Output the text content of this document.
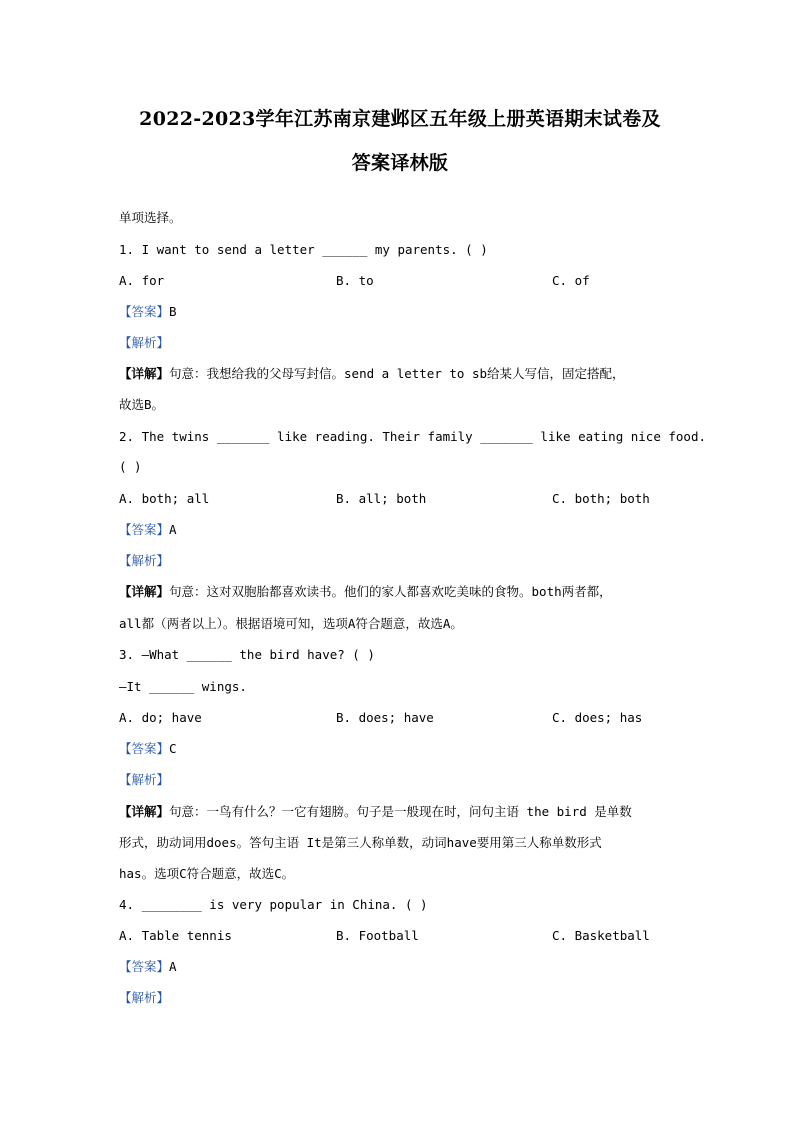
2022-2023学年江苏南京建邺区五年级上册英语期末试卷及
答案译林版
单项选择。
1. I want to send a letter ______ my parents. ( )
A. for	B. to	C. of
【答案】B
【解析】
【详解】句意：我想给我的父母写封信。send a letter to sb给某人写信，固定搭配，
故选B。
2. The twins _______ like reading. Their family _______ like eating nice food.
( )
A. both; all	B. all; both	C. both; both
【答案】A
【解析】
【详解】句意：这对双胞胎都喜欢读书。他们的家人都喜欢吃美味的食物。both两者都，
all都（两者以上）。根据语境可知，选项A符合题意，故选A。
3. —What ______ the bird have? ( )
—It ______ wings.
A. do; have	B. does; have	C. does; has
【答案】C
【解析】
【详解】句意：一鸟有什么？一它有翅膀。句子是一般现在时，问句主语 the bird 是单数
形式，助动词用does。答句主语 It是第三人称单数，动词have要用第三人称单数形式
has。选项C符合题意，故选C。
4. ________ is very popular in China. ( )
A. Table tennis	B. Football	C. Basketball
【答案】A
【解析】
